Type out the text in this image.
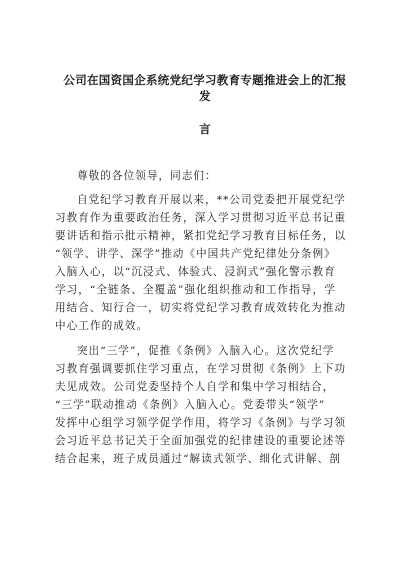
公司在国资国企系统党纪学习教育专题推进会上的汇报发
言
尊敬的各位领导，同志们：
自党纪学习教育开展以来，**公司党委把开展党纪学
习教育作为重要政治任务，深入学习贯彻习近平总书记重
要讲话和指示批示精神，紧扣党纪学习教育目标任务，以
“领学、讲学、深学”推动《中国共产党纪律处分条例》
入脑入心，以“沉浸式、体验式、浸润式”强化警示教育
学习，“全链条、全覆盖”强化组织推动和工作指导，学
用结合、知行合一，切实将党纪学习教育成效转化为推动
中心工作的成效。
突出“三学”，促推《条例》入脑入心。这次党纪学
习教育强调要抓住学习重点，在学习贯彻《条例》上下功
夫见成效。公司党委坚持个人自学和集中学习相结合，
“三学”联动推动《条例》入脑入心。党委带头“领学”
发挥中心组学习领学促学作用，将学习《条例》与学习领
会习近平总书记关于全面加强党的纪律建设的重要论述等
结合起来，班子成员通过“解读式领学、细化式讲解、剖
